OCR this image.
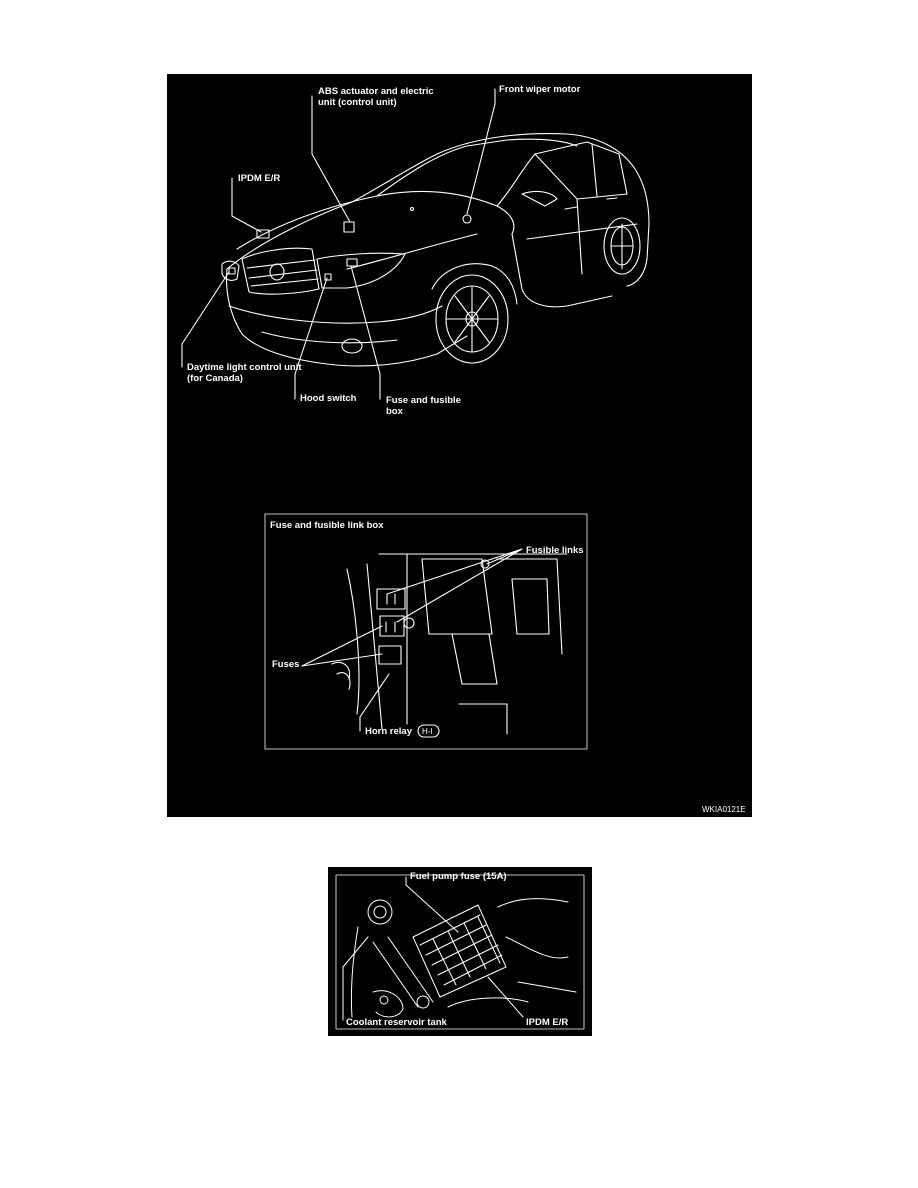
ABS actuator and electric unit (control unit)
Front wiper motor
IPDM E/R
Daytime light control unit (for Canada)
Hood switch	Fuse and fusible box
Fuse and fusible link box
Fusible links
Fuses
Horn relay H-I
WKIA0121E
Fuel pump fuse (15A)
Coolant reservoir tank	IPDM E/R
